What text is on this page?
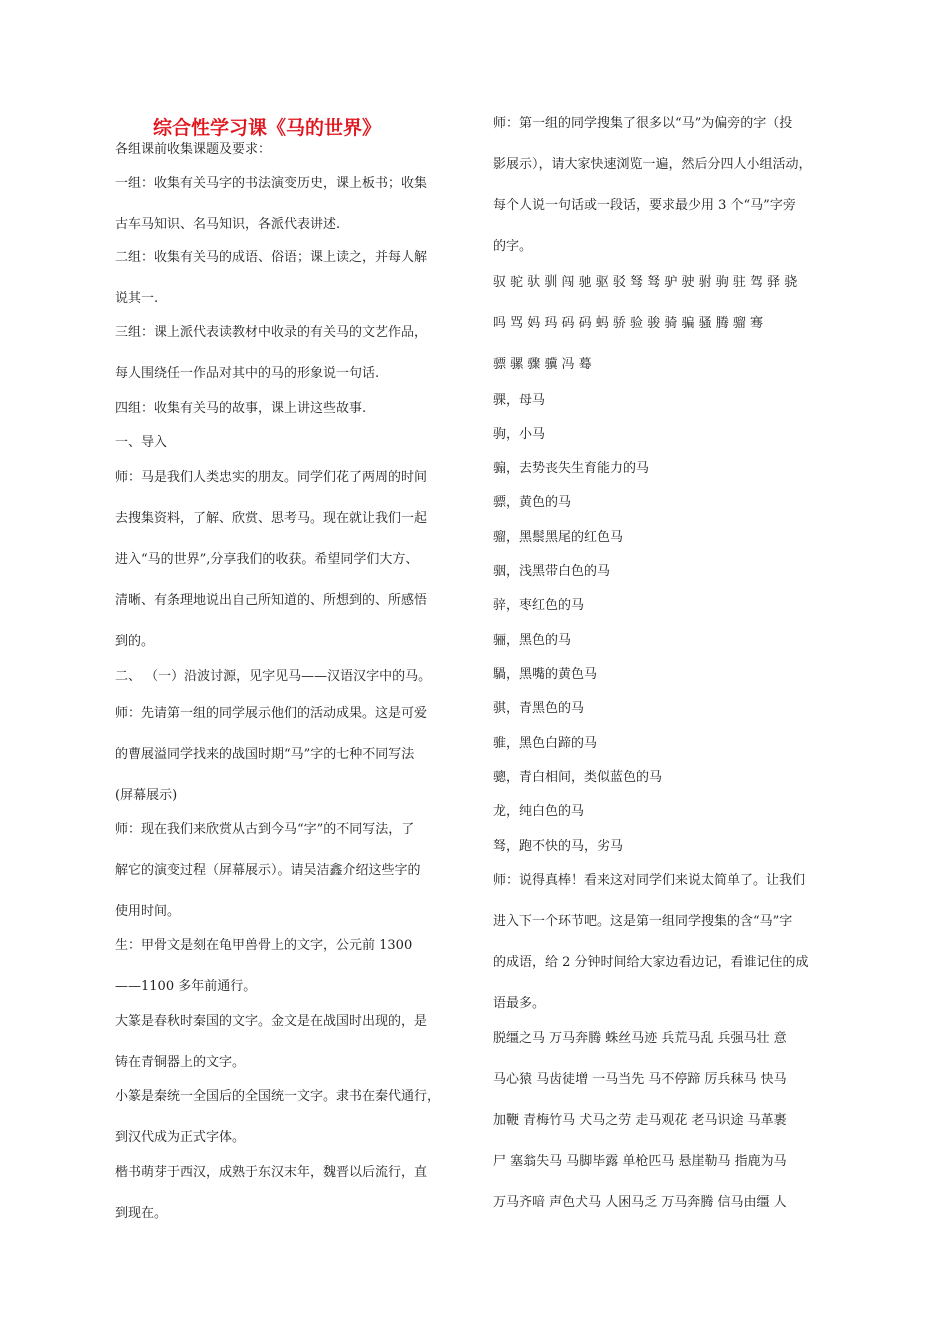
综合性学习课《马的世界》
各组课前收集课题及要求：
一组：收集有关马字的书法演变历史，课上板书；收集
古车马知识、名马知识，各派代表讲述.
二组：收集有关马的成语、俗语；课上读之，并每人解
说其一.
三组：课上派代表读教材中收录的有关马的文艺作品，
每人围绕任一作品对其中的马的形象说一句话.
四组：收集有关马的故事，课上讲这些故事.
一、导入
师：马是我们人类忠实的朋友。同学们花了两周的时间
去搜集资料，了解、欣赏、思考马。现在就让我们一起
进入“马的世界”,分享我们的收获。希望同学们大方、
清晰、有条理地说出自己所知道的、所想到的、所感悟
到的。
二、 （一）沿波讨源，见字见马——汉语汉字中的马。
师：先请第一组的同学展示他们的活动成果。这是可爱
的曹展溢同学找来的战国时期“马”字的七种不同写法
(屏幕展示)
师：现在我们来欣赏从古到今马“字”的不同写法，了
解它的演变过程（屏幕展示）。请吴洁鑫介绍这些字的
使用时间。
生：甲骨文是刻在龟甲兽骨上的文字，公元前 1300
——1100 多年前通行。
大篆是春秋时秦国的文字。金文是在战国时出现的，是
铸在青铜器上的文字。
小篆是秦统一全国后的全国统一文字。隶书在秦代通行，
到汉代成为正式字体。
楷书萌芽于西汉，成熟于东汉末年，魏晋以后流行，直
到现在。
师：第一组的同学搜集了很多以“马”为偏旁的字（投
影展示），请大家快速浏览一遍，然后分四人小组活动，
每个人说一句话或一段话，要求最少用 3 个“马”字旁
的字。
驭 驼 驮 驯 闯 驰 驱 驳 驽 驽 驴 驶 驸 驹 驻 驾 驿 骁
吗 骂 妈 玛 码 码 蚂 骄 验 骏 骑 骗 骚 腾 骝 骞
骠 骡 骤 骥 冯 蓦
骒，母马
驹，小马
骟，去势丧失生育能力的马
骠，黄色的马
骝，黑鬃黑尾的红色马
骃，浅黑带白色的马
骍，枣红色的马
骊，黑色的马
騧，黑嘴的黄色马
骐，青黑色的马
骓，黑色白蹄的马
骢，青白相间，类似蓝色的马
龙，纯白色的马
驽，跑不快的马，劣马
师：说得真棒！看来这对同学们来说太简单了。让我们
进入下一个环节吧。这是第一组同学搜集的含“马”字
的成语，给 2 分钟时间给大家边看边记，看谁记住的成
语最多。
脱缰之马 万马奔腾 蛛丝马迹 兵荒马乱 兵强马壮 意
马心猿 马齿徒增 一马当先 马不停蹄 厉兵秣马 快马
加鞭 青梅竹马 犬马之劳 走马观花 老马识途 马革裹
尸 塞翁失马 马脚毕露 单枪匹马 悬崖勒马 指鹿为马
万马齐喑 声色犬马 人困马乏 万马奔腾 信马由缰 人
